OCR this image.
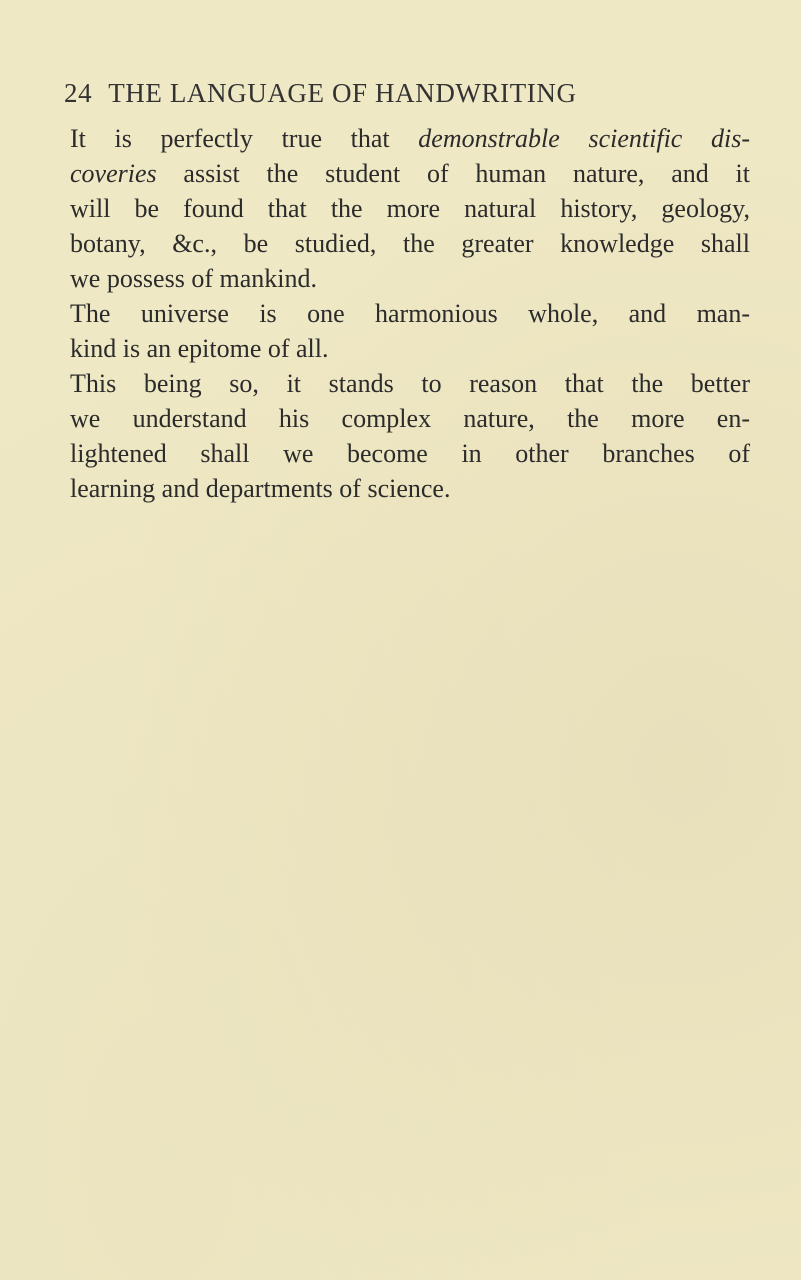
24 THE LANGUAGE OF HANDWRITING
It is perfectly true that demonstrable scientific dis-
coveries assist the student of human nature, and it
will be found that the more natural history, geology,
botany, &c., be studied, the greater knowledge shall
we possess of mankind.
The universe is one harmonious whole, and man-
kind is an epitome of all.
This being so, it stands to reason that the better
we understand his complex nature, the more en-
lightened shall we become in other branches of
learning and departments of science.
